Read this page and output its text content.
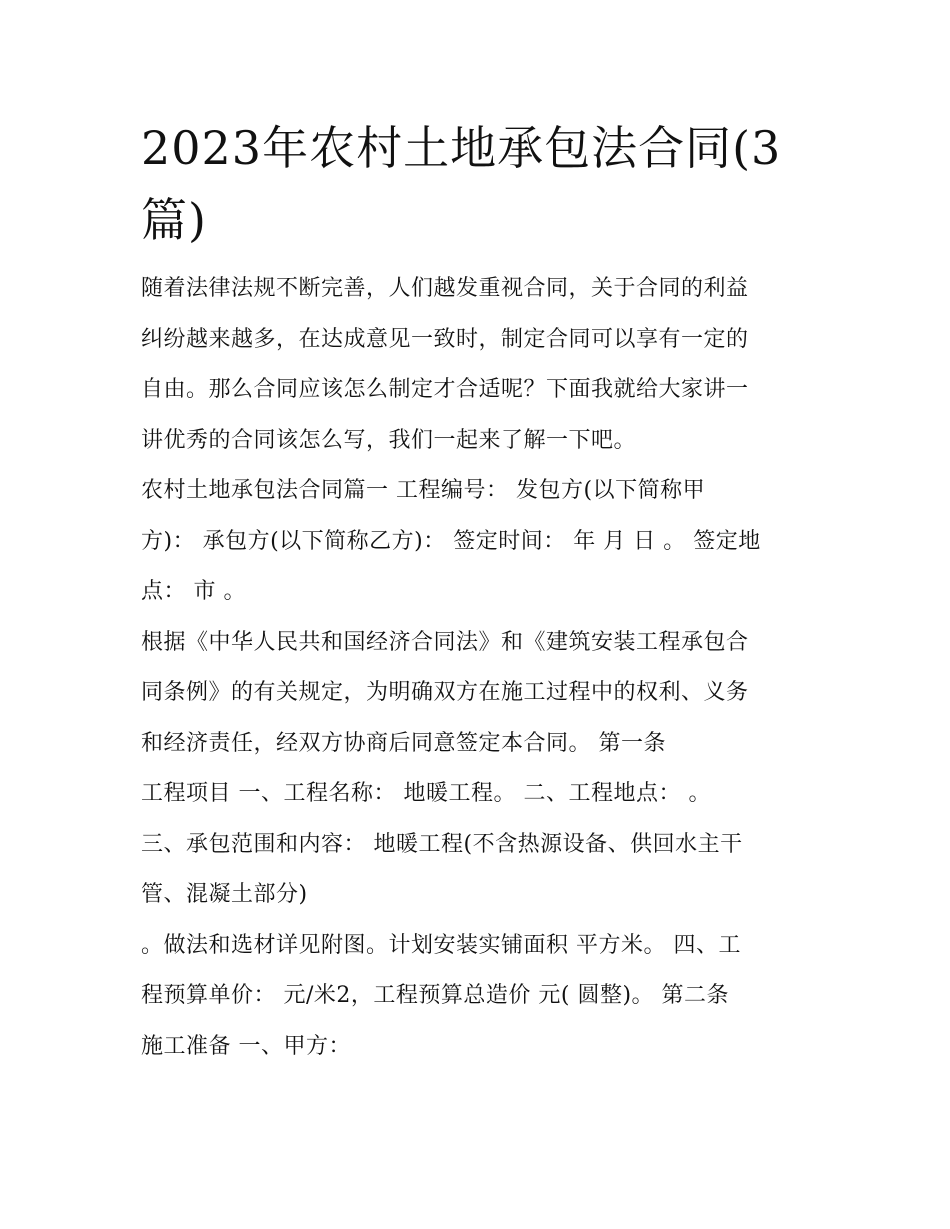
2023年农村土地承包法合同(3
篇)
随着法律法规不断完善，人们越发重视合同，关于合同的利益
纠纷越来越多，在达成意见一致时，制定合同可以享有一定的
自由。那么合同应该怎么制定才合适呢？下面我就给大家讲一
讲优秀的合同该怎么写，我们一起来了解一下吧。
农村土地承包法合同篇一 工程编号： 发包方(以下简称甲
方)： 承包方(以下简称乙方)： 签定时间： 年 月 日 。 签定地
点： 市 。
根据《中华人民共和国经济合同法》和《建筑安装工程承包合
同条例》的有关规定，为明确双方在施工过程中的权利、义务
和经济责任，经双方协商后同意签定本合同。 第一条
工程项目 一、工程名称： 地暖工程。 二、工程地点： 。
三、承包范围和内容： 地暖工程(不含热源设备、供回水主干
管、混凝土部分)
。做法和选材详见附图。计划安装实铺面积 平方米。 四、工
程预算单价： 元/米2，工程预算总造价 元( 圆整)。 第二条
施工准备 一、甲方：
